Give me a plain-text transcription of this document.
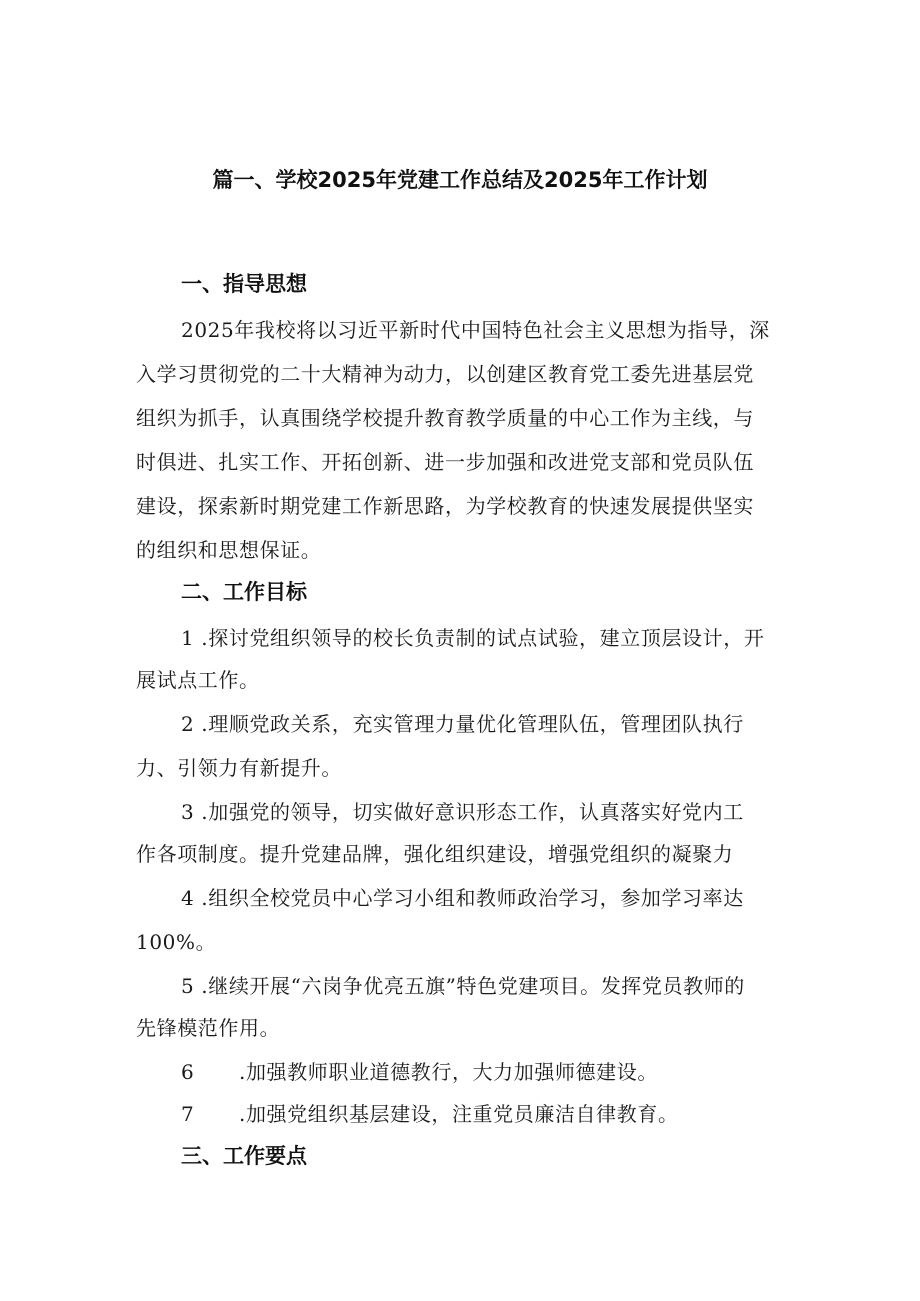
篇一、学校2025年党建工作总结及2025年工作计划
一、指导思想
2025年我校将以习近平新时代中国特色社会主义思想为指导，深
入学习贯彻党的二十大精神为动力，以创建区教育党工委先进基层党
组织为抓手，认真围绕学校提升教育教学质量的中心工作为主线，与
时俱进、扎实工作、开拓创新、进一步加强和改进党支部和党员队伍
建设，探索新时期党建工作新思路，为学校教育的快速发展提供坚实
的组织和思想保证。
二、工作目标
1 .探讨党组织领导的校长负责制的试点试验，建立顶层设计，开
展试点工作。
2 .理顺党政关系，充实管理力量优化管理队伍，管理团队执行
力、引领力有新提升。
3 .加强党的领导，切实做好意识形态工作，认真落实好党内工
作各项制度。提升党建品牌，强化组织建设，增强党组织的凝聚力
4 .组织全校党员中心学习小组和教师政治学习，参加学习率达
100%。
5 .继续开展“六岗争优亮五旗”特色党建项目。发挥党员教师的
先锋模范作用。
6 .加强教师职业道德教行，大力加强师德建设。
7 .加强党组织基层建设，注重党员廉洁自律教育。
三、工作要点
